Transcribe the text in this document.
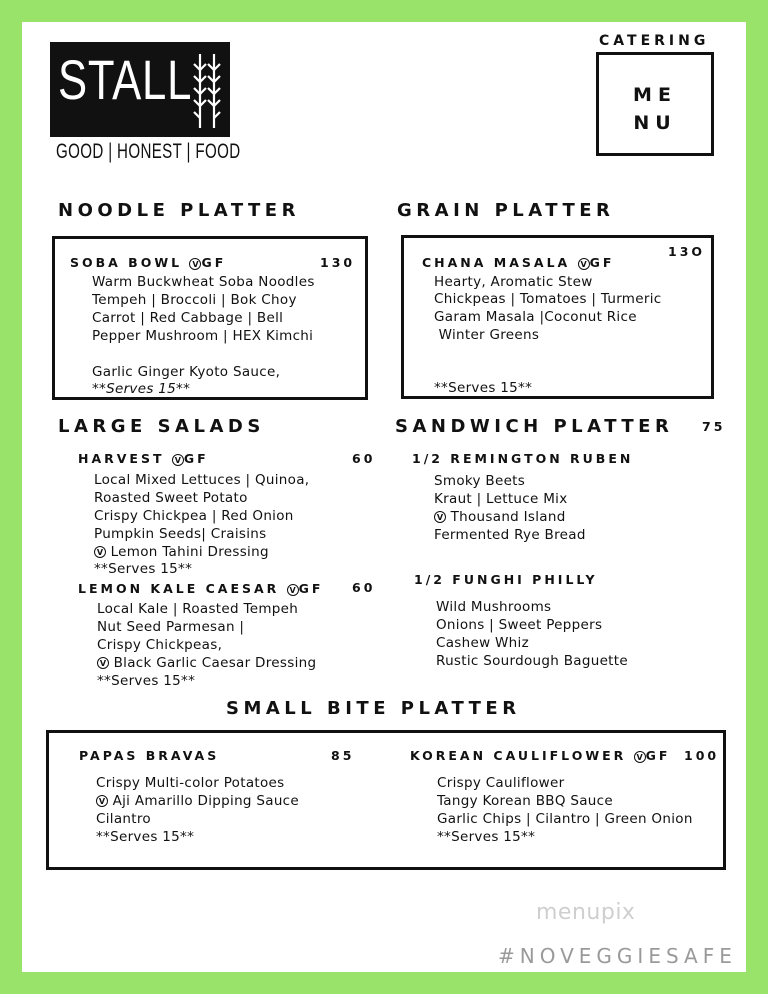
STALL
GOOD | HONEST | FOOD
CATERING
ME
NU
NOODLE PLATTER
SOBA BOWL V GF	130
Warm Buckwheat Soba Noodles
Tempeh | Broccoli | Bok Choy
Carrot | Red Cabbage | Bell
Pepper Mushroom | HEX Kimchi
Garlic Ginger Kyoto Sauce,
**Serves 15**
GRAIN PLATTER
13O
CHANA MASALA V GF
Hearty, Aromatic Stew
Chickpeas | Tomatoes | Turmeric
Garam Masala |Coconut Rice
Winter Greens
**Serves 15**
LARGE SALADS
HARVEST V GF	60
Local Mixed Lettuces | Quinoa,
Roasted Sweet Potato
Crispy Chickpea | Red Onion
Pumpkin Seeds| Craisins
V Lemon Tahini Dressing
**Serves 15**
LEMON KALE CAESAR V GF 60
Local Kale | Roasted Tempeh
Nut Seed Parmesan |
Crispy Chickpeas,
V Black Garlic Caesar Dressing
**Serves 15**
SANDWICH PLATTER 75
1/2 REMINGTON RUBEN
Smoky Beets
Kraut | Lettuce Mix
V Thousand Island
Fermented Rye Bread
1/2 FUNGHI PHILLY
Wild Mushrooms
Onions | Sweet Peppers
Cashew Whiz
Rustic Sourdough Baguette
SMALL BITE PLATTER
PAPAS BRAVAS	85
Crispy Multi-color Potatoes
V Aji Amarillo Dipping Sauce
Cilantro
**Serves 15**
KOREAN CAULIFLOWER V GF 100
Crispy Cauliflower
Tangy Korean BBQ Sauce
Garlic Chips | Cilantro | Green Onion
**Serves 15**
menupix
#NOVEGGIESAFE
